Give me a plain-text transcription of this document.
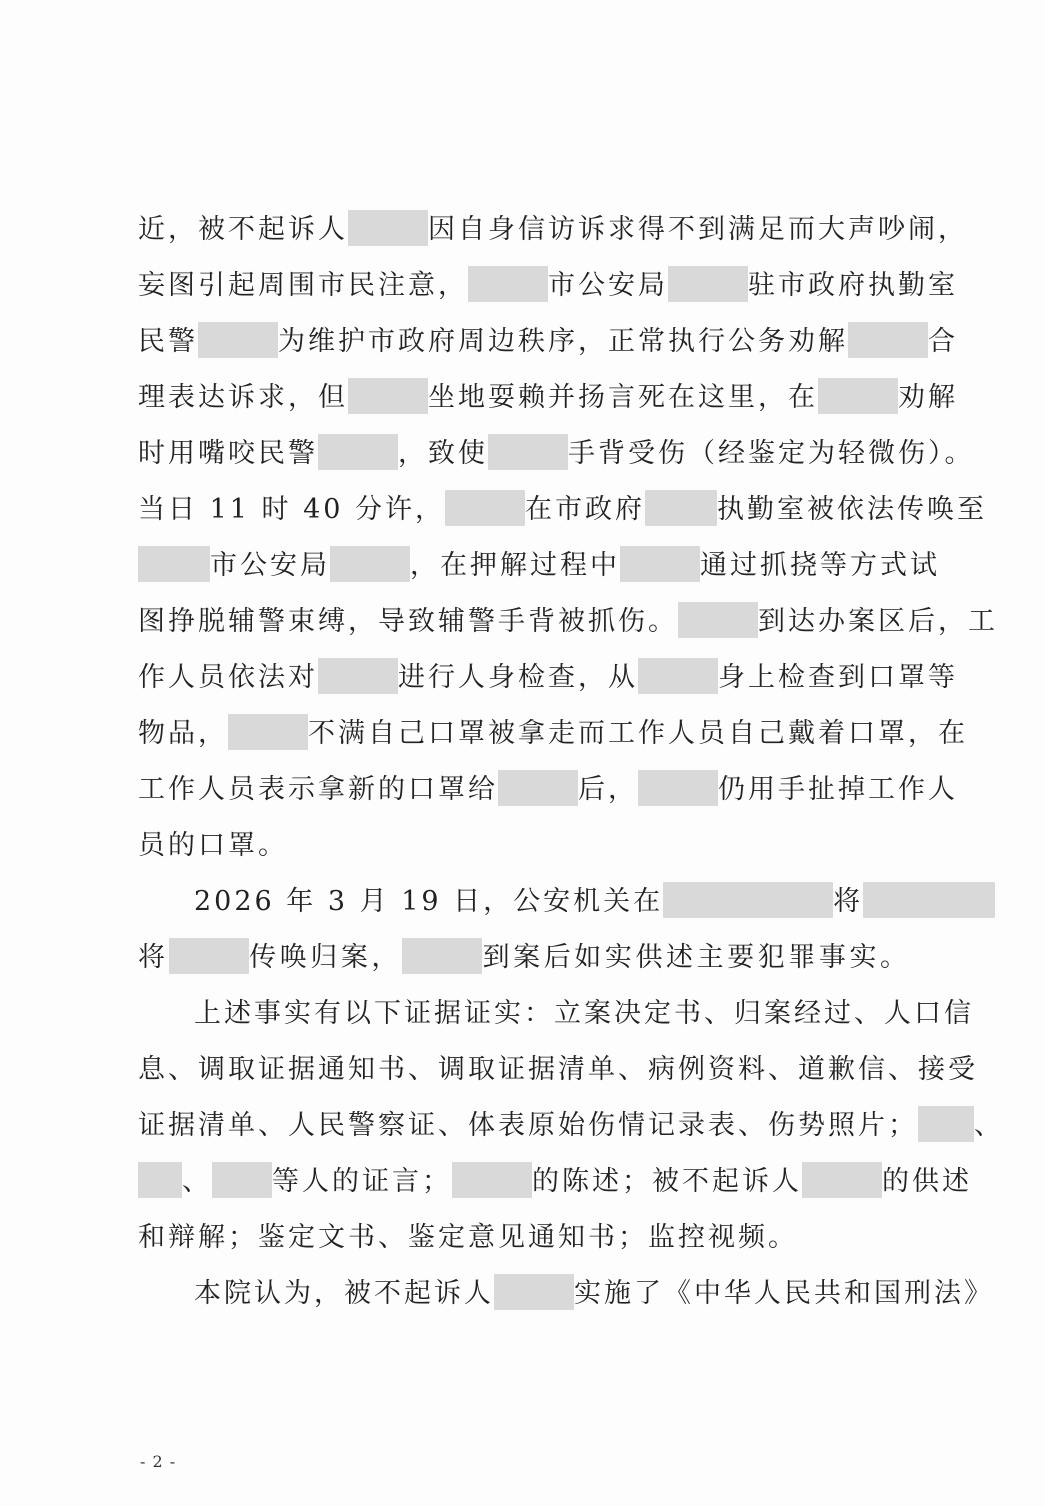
近，被不起诉人	因自身信访诉求得不到满足而大声吵闹，
妄图引起周围市民注意，	市公安局	驻市政府执勤室
民警	为维护市政府周边秩序，正常执行公务劝解	合
理表达诉求，但	坐地耍赖并扬言死在这里，在	劝解
时用嘴咬民警	，致使	手背受伤（经鉴定为轻微伤）。
当日 11 时 40 分许，	在市政府	执勤室被依法传唤至
市公安局	，在押解过程中	通过抓挠等方式试
图挣脱辅警束缚，导致辅警手背被抓伤。	到达办案区后，工
作人员依法对	进行人身检查，从	身上检查到口罩等
物品，	不满自己口罩被拿走而工作人员自己戴着口罩，在
工作人员表示拿新的口罩给	后，	仍用手扯掉工作人
员的口罩。
2026 年 3 月 19 日，公安机关在	将
将	传唤归案，	到案后如实供述主要犯罪事实。
上述事实有以下证据证实：立案决定书、归案经过、人口信
息、调取证据通知书、调取证据清单、病例资料、道歉信、接受
证据清单、人民警察证、体表原始伤情记录表、伤势照片； 、
、 等人的证言；	的陈述；被不起诉人	的供述
和辩解；鉴定文书、鉴定意见通知书；监控视频。
本院认为，被不起诉人	实施了《中华人民共和国刑法》
- 2 -
